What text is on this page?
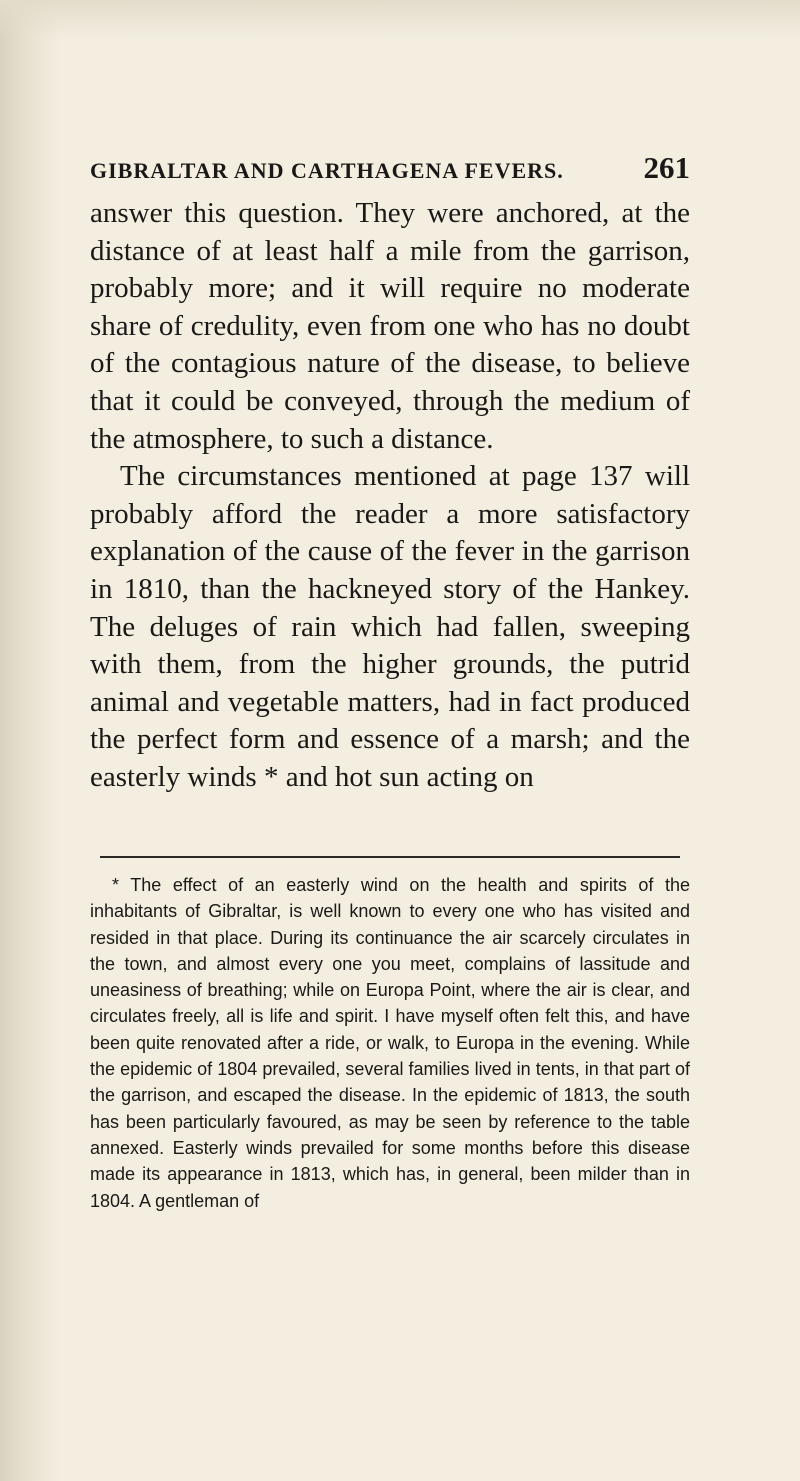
GIBRALTAR AND CARTHAGENA FEVERS.	261

answer this question. They were anchored, at the distance of at least half a mile from the garrison, probably more; and it will require no moderate share of credulity, even from one who has no doubt of the contagious nature of the disease, to believe that it could be conveyed, through the medium of the atmosphere, to such a distance.

The circumstances mentioned at page 137 will probably afford the reader a more satisfactory explanation of the cause of the fever in the garrison in 1810, than the hackneyed story of the Hankey. The deluges of rain which had fallen, sweeping with them, from the higher grounds, the putrid animal and vegetable matters, had in fact produced the perfect form and essence of a marsh; and the easterly winds * and hot sun acting on

* The effect of an easterly wind on the health and spirits of the inhabitants of Gibraltar, is well known to every one who has visited and resided in that place. During its continuance the air scarcely circulates in the town, and almost every one you meet, complains of lassitude and uneasiness of breathing; while on Europa Point, where the air is clear, and circulates freely, all is life and spirit. I have myself often felt this, and have been quite renovated after a ride, or walk, to Europa in the evening. While the epidemic of 1804 prevailed, several families lived in tents, in that part of the garrison, and escaped the disease. In the epidemic of 1813, the south has been particularly favoured, as may be seen by reference to the table annexed. Easterly winds prevailed for some months before this disease made its appearance in 1813, which has, in general, been milder than in 1804. A gentleman of
